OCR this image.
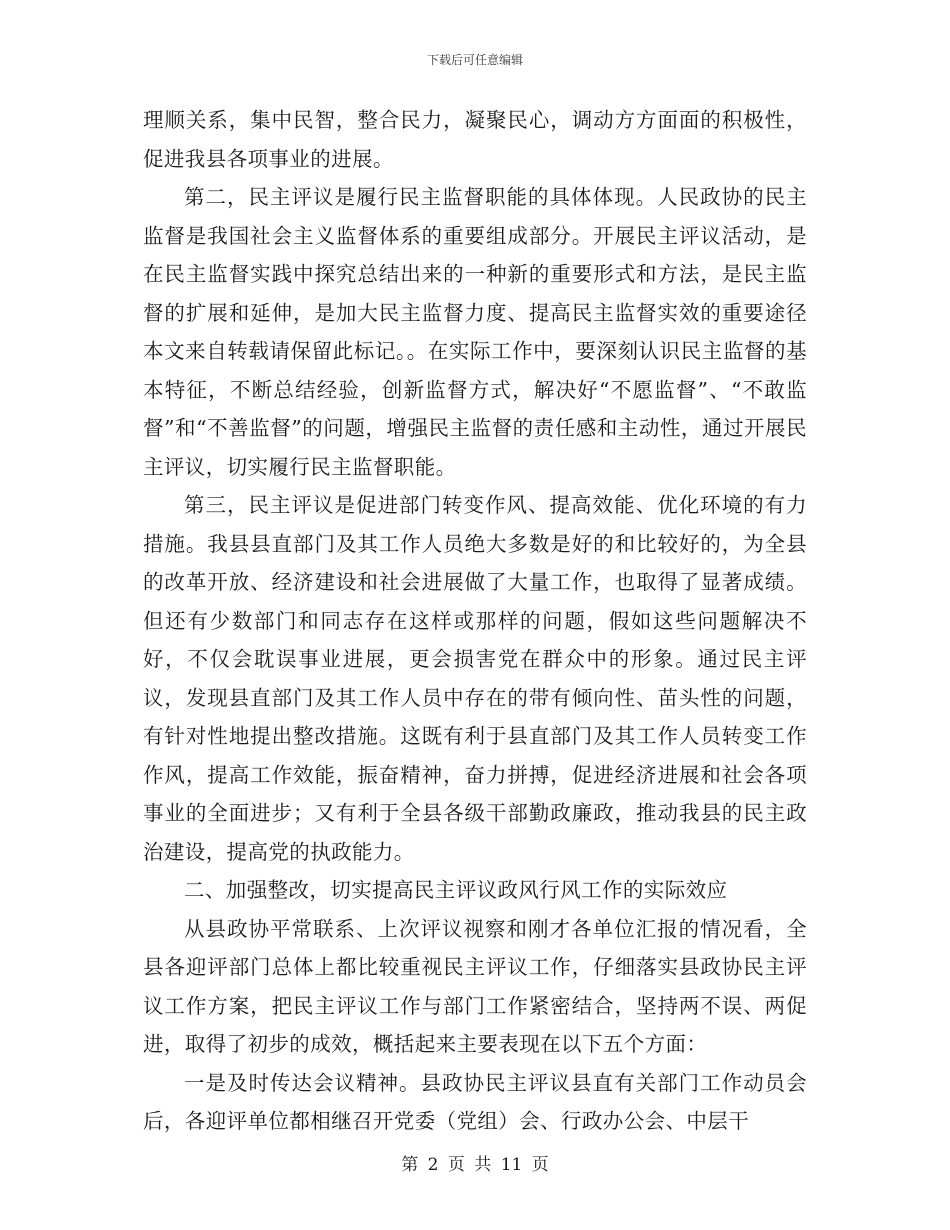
下载后可任意编辑

理顺关系，集中民智，整合民力，凝聚民心，调动方方面面的积极性，促进我县各项事业的进展。

第二，民主评议是履行民主监督职能的具体体现。人民政协的民主监督是我国社会主义监督体系的重要组成部分。开展民主评议活动，是在民主监督实践中探究总结出来的一种新的重要形式和方法，是民主监督的扩展和延伸，是加大民主监督力度、提高民主监督实效的重要途径本文来自转载请保留此标记。。在实际工作中，要深刻认识民主监督的基本特征，不断总结经验，创新监督方式，解决好“不愿监督”、“不敢监督”和“不善监督”的问题，增强民主监督的责任感和主动性，通过开展民主评议，切实履行民主监督职能。

第三，民主评议是促进部门转变作风、提高效能、优化环境的有力措施。我县县直部门及其工作人员绝大多数是好的和比较好的，为全县的改革开放、经济建设和社会进展做了大量工作，也取得了显著成绩。但还有少数部门和同志存在这样或那样的问题，假如这些问题解决不好，不仅会耽误事业进展，更会损害党在群众中的形象。通过民主评议，发现县直部门及其工作人员中存在的带有倾向性、苗头性的问题，有针对性地提出整改措施。这既有利于县直部门及其工作人员转变工作作风，提高工作效能，振奋精神，奋力拼搏，促进经济进展和社会各项事业的全面进步；又有利于全县各级干部勤政廉政，推动我县的民主政治建设，提高党的执政能力。

二、加强整改，切实提高民主评议政风行风工作的实际效应

从县政协平常联系、上次评议视察和刚才各单位汇报的情况看，全县各迎评部门总体上都比较重视民主评议工作，仔细落实县政协民主评议工作方案，把民主评议工作与部门工作紧密结合，坚持两不误、两促进，取得了初步的成效，概括起来主要表现在以下五个方面：

一是及时传达会议精神。县政协民主评议县直有关部门工作动员会后，各迎评单位都相继召开党委（党组）会、行政办公会、中层干

第 2 页 共 11 页
